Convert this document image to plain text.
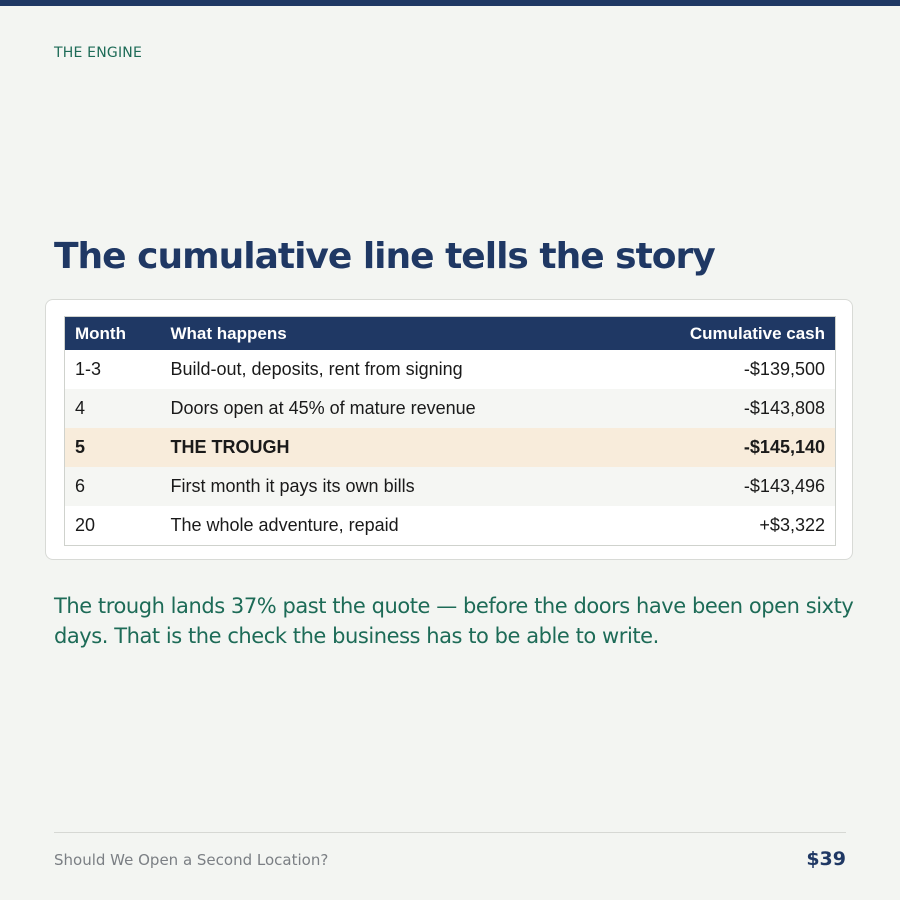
THE ENGINE
The cumulative line tells the story
Month	What happens	Cumulative cash
1-3	Build-out, deposits, rent from signing	-$139,500
4	Doors open at 45% of mature revenue	-$143,808
5	THE TROUGH	-$145,140
6	First month it pays its own bills	-$143,496
20	The whole adventure, repaid	+$3,322

The trough lands 37% past the quote — before the doors have been open sixty days. That is the check the business has to be able to write.

Should We Open a Second Location?	$39
